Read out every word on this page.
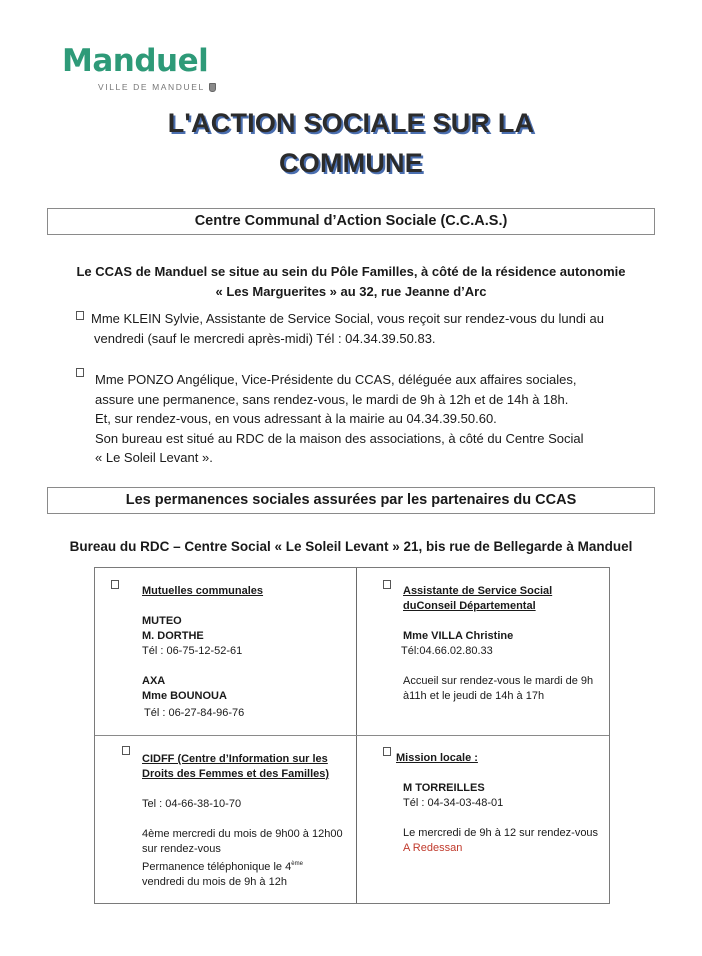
Manduel
VILLE DE MANDUEL
L'ACTION SOCIALE SUR LA
COMMUNE
Centre Communal d’Action Sociale (C.C.A.S.)
Le CCAS de Manduel se situe au sein du Pôle Familles, à côté de la résidence autonomie
« Les Marguerites » au 32, rue Jeanne d’Arc
Mme KLEIN Sylvie, Assistante de Service Social, vous reçoit sur rendez-vous du lundi au
vendredi (sauf le mercredi après-midi) Tél : 04.34.39.50.83.
Mme PONZO Angélique, Vice-Présidente du CCAS, déléguée aux affaires sociales,
assure une permanence, sans rendez-vous, le mardi de 9h à 12h et de 14h à 18h.
Et, sur rendez-vous, en vous adressant à la mairie au 04.34.39.50.60.
Son bureau est situé au RDC de la maison des associations, à côté du Centre Social
« Le Soleil Levant ».
Les permanences sociales assurées par les partenaires du CCAS
Bureau du RDC – Centre Social « Le Soleil Levant » 21, bis rue de Bellegarde à Manduel
Mutuelles communales
MUTEO
M. DORTHE
Tél : 06-75-12-52-61
AXA
Mme BOUNOUA
Tél : 06-27-84-96-76
Assistante de Service Social
duConseil Départemental
Mme VILLA Christine
Tél:04.66.02.80.33
Accueil sur rendez-vous le mardi de 9h
à11h et le jeudi de 14h à 17h
CIDFF (Centre d’Information sur les
Droits des Femmes et des Familles)
Tel : 04-66-38-10-70
4ème mercredi du mois de 9h00 à 12h00
sur rendez-vous
Permanence téléphonique le 4ème
vendredi du mois de 9h à 12h
Mission locale :
M TORREILLES
Tél : 04-34-03-48-01
Le mercredi de 9h à 12 sur rendez-vous
A Redessan
